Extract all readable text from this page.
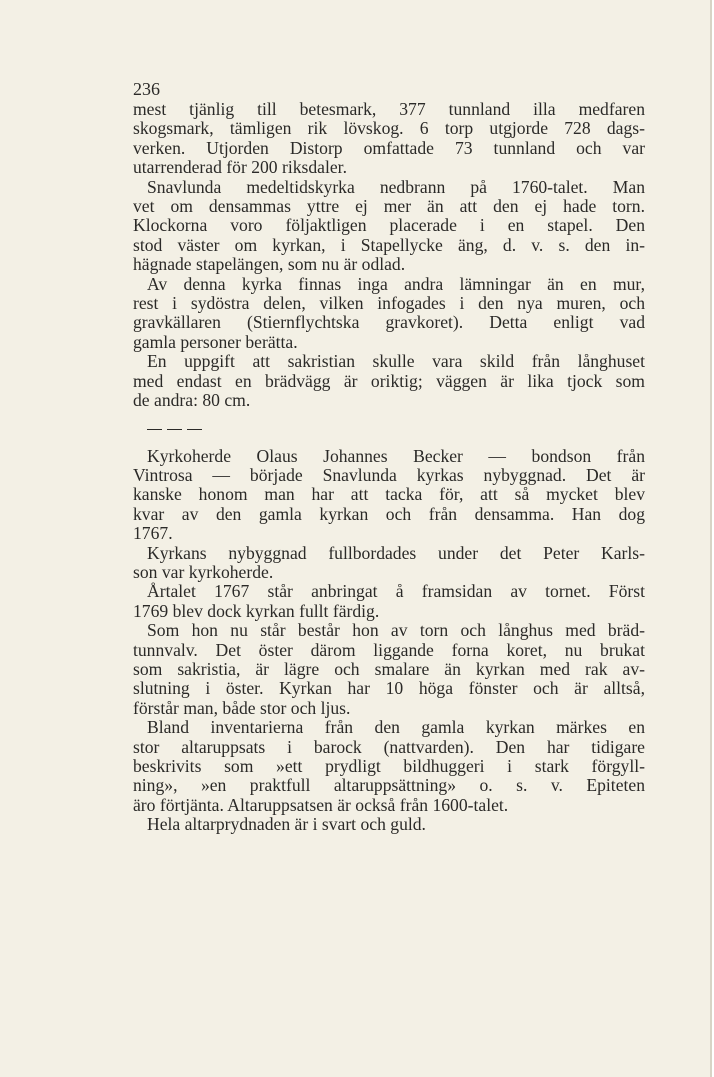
236
mest tjänlig till betesmark, 377 tunnland illa medfaren
skogsmark, tämligen rik lövskog. 6 torp utgjorde 728 dags-
verken. Utjorden Distorp omfattade 73 tunnland och var
utarrenderad för 200 riksdaler.
Snavlunda medeltidskyrka nedbrann på 1760-talet. Man
vet om densammas yttre ej mer än att den ej hade torn.
Klockorna voro följaktligen placerade i en stapel. Den
stod väster om kyrkan, i Stapellycke äng, d. v. s. den in-
hägnade stapelängen, som nu är odlad.
Av denna kyrka finnas inga andra lämningar än en mur,
rest i sydöstra delen, vilken infogades i den nya muren, och
gravkällaren (Stiernflychtska gravkoret). Detta enligt vad
gamla personer berätta.
En uppgift att sakristian skulle vara skild från långhuset
med endast en brädvägg är oriktig; väggen är lika tjock som
de andra: 80 cm.
Kyrkoherde Olaus Johannes Becker — bondson från
Vintrosa — började Snavlunda kyrkas nybyggnad. Det är
kanske honom man har att tacka för, att så mycket blev
kvar av den gamla kyrkan och från densamma. Han dog
1767.
Kyrkans nybyggnad fullbordades under det Peter Karls-
son var kyrkoherde.
Årtalet 1767 står anbringat å framsidan av tornet. Först
1769 blev dock kyrkan fullt färdig.
Som hon nu står består hon av torn och långhus med bräd-
tunnvalv. Det öster därom liggande forna koret, nu brukat
som sakristia, är lägre och smalare än kyrkan med rak av-
slutning i öster. Kyrkan har 10 höga fönster och är alltså,
förstår man, både stor och ljus.
Bland inventarierna från den gamla kyrkan märkes en
stor altaruppsats i barock (nattvarden). Den har tidigare
beskrivits som »ett prydligt bildhuggeri i stark förgyll-
ning», »en praktfull altaruppsättning» o. s. v. Epiteten
äro förtjänta. Altaruppsatsen är också från 1600-talet.
Hela altarprydnaden är i svart och guld.
